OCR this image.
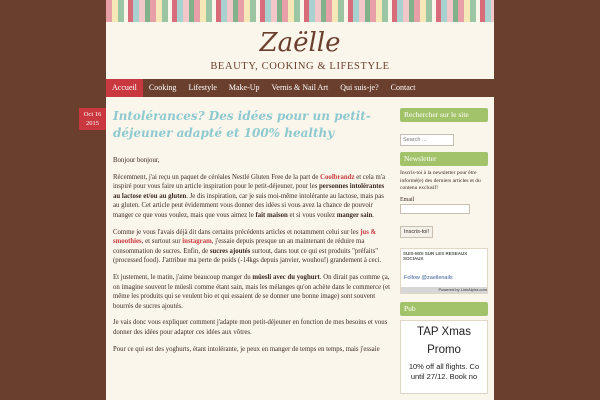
Zaëlle
BEAUTY, COOKING & LIFESTYLE
Accueil	Cooking	Lifestyle	Make-Up	Vernis & Nail Art	Qui suis-je?	Contact
Oct 16
2015
Intolérances? Des idées pour un petit-déjeuner adapté et 100% healthy

Bonjour bonjour,

Récemment, j'ai reçu un paquet de céréales Nestlé Gluten Free de la part de Coolbrandz et cela m'a inspiré pour vous faire un article inspiration pour le petit-déjeuner, pour les personnes intolérantes au lactose et/ou au gluten. Je dis inspiration, car je suis moi-même intolérante au lactose, mais pas au gluten. Cet article peut évidemment vous donner des idées si vous avez la chance de pouvoir manger ce que vous voulez, mais que vous aimez le fait maison et si vous voulez manger sain.

Comme je vous l'avais déjà dit dans certains précédents articles et notamment celui sur les jus & smoothies, et surtout sur instagram, j'essaie depuis presque un an maintenant de réduire ma consommation de sucres. Enfin, de sucres ajoutés surtout, dans tout ce qui est produits "préfaits" (processed food). J'attribue ma perte de poids (-14kgs depuis janvier, wouhou!) grandement à ceci.

Et justement, le matin, j'aime beaucoup manger du müesli avec du yoghurt. On dirait pas comme ça, on imagine souvent le müesli comme étant sain, mais les mélanges qu'on achète dans le commerce (et même les produits qui se veulent bio et qui essaient de se donner une bonne image) sont souvent bourrés de sucres ajoutés.

Je vais donc vous expliquer comment j'adapte mon petit-déjeuner en fonction de mes besoins et vous donner des idées pour adapter ces idées aux vôtres.

Pour ce qui est des yoghurts, étant intolérante, je peux en manger de temps en temps, mais j'essaie

Rechercher sur le site
Search ...
Newsletter
Inscris-toi à la newsletter pour être informé(e) des derniers articles et du contenu exclusif!
Email
Inscris-toi!
SUIS-MOI SUR LES RESEAUX SOCIAUX
Follow @zaellenails
Powered by LinkAlpha.com
Pub
TAP Xmas
Promo
10% off all flights. Co
until 27/12. Book no
